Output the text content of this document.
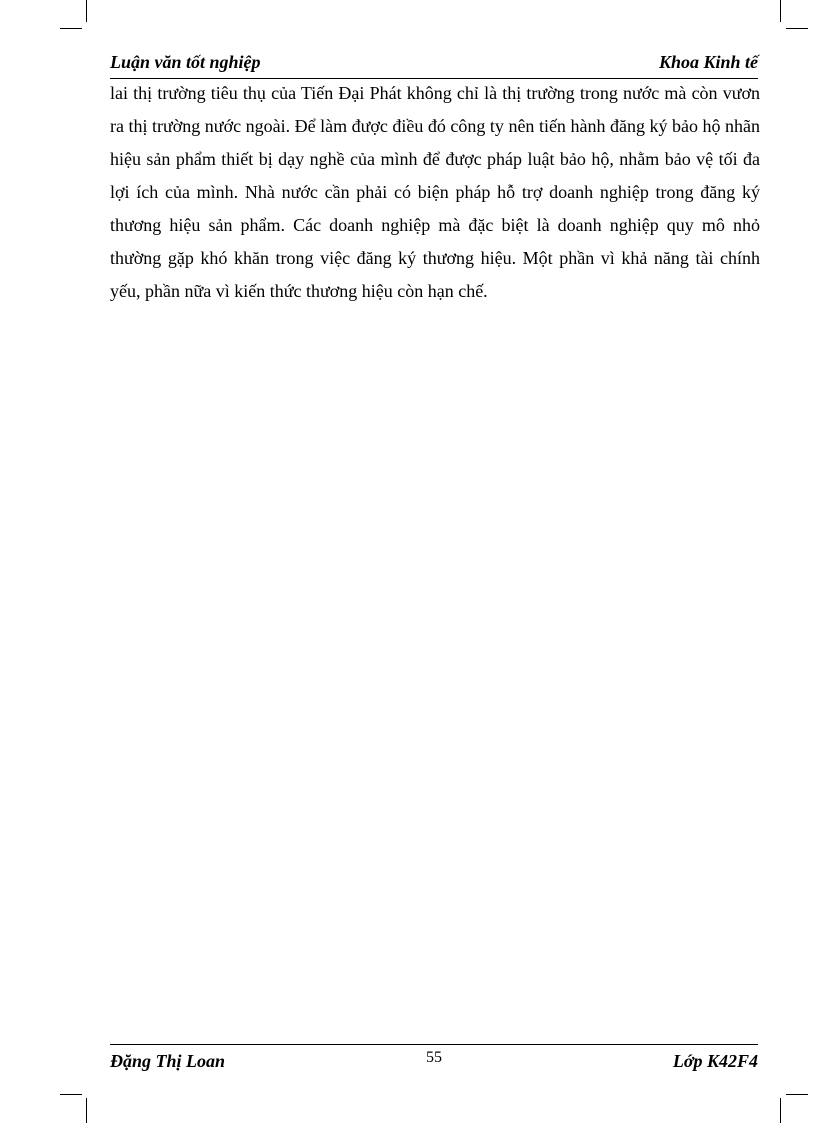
Luận văn tốt nghiệp	Khoa Kinh tế

lai thị trường tiêu thụ của Tiến Đại Phát không chỉ là thị trường trong nước mà còn vươn ra thị trường nước ngoài. Để làm được điều đó công ty nên tiến hành đăng ký bảo hộ nhãn hiệu sản phẩm thiết bị dạy nghề của mình để được pháp luật bảo hộ, nhằm bảo vệ tối đa lợi ích của mình. Nhà nước cần phải có biện pháp hỗ trợ doanh nghiệp trong đăng ký thương hiệu sản phẩm. Các doanh nghiệp mà đặc biệt là doanh nghiệp quy mô nhỏ thường gặp khó khăn trong việc đăng ký thương hiệu. Một phần vì khả năng tài chính yếu, phần nữa vì kiến thức thương hiệu còn hạn chế.

Đặng Thị Loan	55	Lớp K42F4
